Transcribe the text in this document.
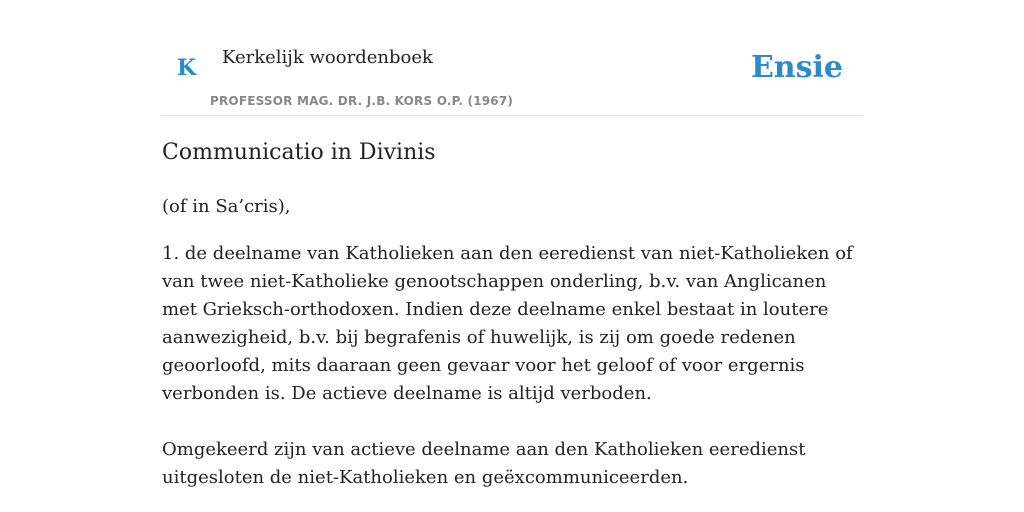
K Kerkelijk woordenboek
PROFESSOR MAG. DR. J.B. KORS O.P. (1967)
Ensie
Communicatio in Divinis

(of in Sa’cris),

1. de deelname van Katholieken aan den eeredienst van niet-Katholieken of van twee niet-Katholieke genootschappen onderling, b.v. van Anglicanen met Grieksch-orthodoxen. Indien deze deelname enkel bestaat in loutere aanwezigheid, b.v. bij begrafenis of huwelijk, is zij om goede redenen geoorloofd, mits daaraan geen gevaar voor het geloof of voor ergernis verbonden is. De actieve deelname is altijd verboden.

Omgekeerd zijn van actieve deelname aan den Katholieken eeredienst uitgesloten de niet-Katholieken en geëxcommuniceerden.
